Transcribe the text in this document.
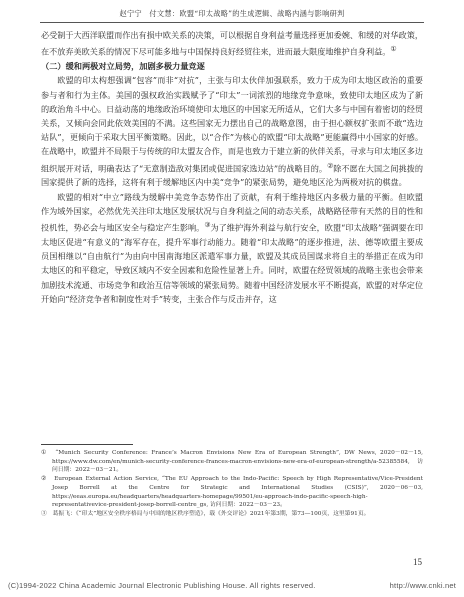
赵宁宁　付文慧：欧盟“印太战略”的生成逻辑、战略内涵与影响研判

必受制于大西洋联盟而作出有损中欧关系的决策，可以根据自身利益考量选择更加委婉、和缓的对华政策，在不放弃美欧关系的情况下尽可能多地与中国保持良好经贸往来，进而最大限度地维护自身利益。①

（二）缓和两极对立局势，加剧多极力量竞逐

欧盟的印太构想强调“包容”而非“对抗”，主张与印太伙伴加强联系，致力于成为印太地区政治的重要参与者和行为主体。美国的强权政治实践赋予了“印太”一词浓烈的地缘竞争意味，致使印太地区成为了新的政治角斗中心。日益动荡的地缘政治环境使印太地区的中国家无所适从，它们大多与中国有着密切的经贸关系，又倾向会同此依效美国的不满。这些国家无力摆出自己的战略意图，由于担心额权扩张而不敢“选边站队”，更倾向于采取大国平衡策略。因此，以“合作”为核心的欧盟“印太战略”更能赢得中小国家的好感。在战略中，欧盟并不局限于与传统的印太盟友合作，而是也致力于建立新的伙伴关系，寻求与印太地区多边组织展开对话，明确表达了“无意制造敌对集团或促进国家选边站”的战略目的。②除不愿在大国之间挑拨的国家提供了新的选择，这将有利于缓解地区内中美“竞争”的紧张局势，避免地区沦为两极对抗的棋盘。

欧盟的相对“中立”路线为缓解中美竞争态势作出了贡献，有利于维持地区内多极力量的平衡。但欧盟作为域外国家，必然优先关注印太地区发展状况与自身利益之间的动态关系，战略路径带有天然的目的性和投机性，势必会与地区安全与稳定产生影响。③为了维护海外利益与航行安全，欧盟“印太战略”强调要在印太地区促进“有意义的”海军存在，提升军事行动能力。随着“印太战略”的逐步推进，法、德等欧盟主要成员国相继以“自由航行”为由向中国南海地区派遣军事力量，欧盟及其成员国谋求将自主的举措正在成为印太地区的和平稳定，导致区域内不安全因素和危险性显著上升。同时，欧盟在经贸领域的战略主张也会带来加剧技术流通、市场竞争和政治互信等领域的紧张局势。随着中国经济发展水平不断提高，欧盟的对华定位开始向“经济竞争者和制度性对手”转变，主张合作与反击并存，这

①　“Munich Security Conference: France’s Macron Envisions New Era of European Strength”, DW News, 2020－02－15, https://www.dw.com/en/munich-security-conference-frances-macron-envisions-new-era-of-european-strength/a-52385584, 访问日期：2022－03－21。

②　European External Action Service, “The EU Approach to the Indo-Pacific: Speech by High Representative/Vice-President Josep Borrell at the Centre for Strategic and International Studies (CSIS)”, 2020－06－03, https://eeas.europa.eu/headquarters/headquarters-homepage/99501/eu-approach-indo-pacific-speech-high-representativevice-president-josep-borrell-centre_gs, 访问日期：2022－03－23。

③　葛振飞：《“印太”地区安全秩序格局与中国的地区秩序塑造》，载《外交评论》2021年第3期，第73—100页，这里第91页。

15
(C)1994-2022 China Academic Journal Electronic Publishing House. All rights reserved.	http://www.cnki.net
